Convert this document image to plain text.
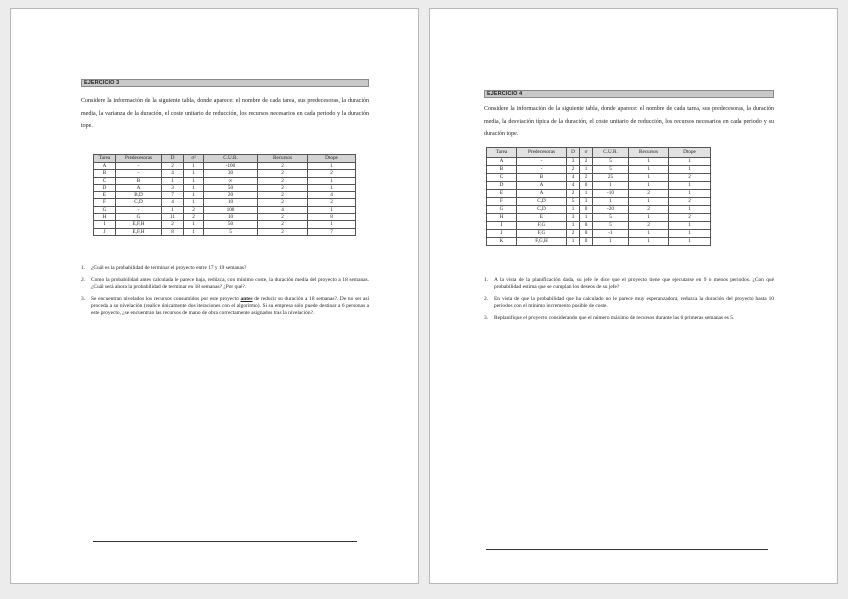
EJERCICIO 3

Considere la información de la siguiente tabla, donde aparece: el nombre de cada tarea, sus predecesoras, la duración media, la varianza de la duración, el coste unitario de reducción, los recursos necesarios en cada periodo y la duración tope.

Tarea	Predecesoras	D	σ²	C.U.R.	Recursos	Dtope
A	-	2	1	-100	2	1
B	-	4	1	30	2	2
C	B	1	1	∞	2	1
D	A	3	1	50	2	1
E	B,D	7	1	20	2	4
F	C,D	4	1	10	2	2
G	-	1	2	100	4	1
H	G	11	2	10	2	8
I	E,F,H	2	1	50	2	1
J	E,F,H	8	1	5	2	7
1. ¿Cuál es la probabilidad de terminar el proyecto entre 17 y 19 semanas?
2. Como la probabilidad antes calculada le parece baja, redúzca, con mínimo coste, la duración media del proyecto a 18 semanas. ¿Cuál será ahora la probabilidad de terminar en 18 semanas? ¿Por qué?.
3. Se encuentran nivelados los recursos consumidos por este proyecto antes de reducir su duración a 18 semanas?. De no ser así proceda a su nivelación (realice únicamente dos iteraciones con el algoritmo). Si su empresa sólo puede destinar a 6 personas a este proyecto, ¿se encuentran las recursos de mano de obra correctamente asignados tras la nivelación?.
EJERCICIO 4

Considere la información de la siguiente tabla, donde aparece: el nombre de cada tarea, sus predecesoras, la duración media, la desviación típica de la duración, el coste unitario de reducción, los recursos necesarios en cada periodo y su duración tope.

Tarea	Predecesoras	D	σ	C.U.R.	Recursos	Dtope
A	-	3	2	5	1	1
B	-	2	1	5	1	1
C	B	4	2	25	1	2
D	A	4	0	1	1	1
E	A	2	1	-10	2	1
F	C,D	5	3	1	1	2
G	C,D	1	0	-20	2	1
H	E	3	1	5	1	2
I	F,G	1	0	5	2	1
J	F,G	2	0	-1	1	1
K	F,G,H	1	0	1	1	1
1. A la vista de la planificación dada, su jefe le dice que el proyecto tiene que ejecutarse en 9 o menos periodos. ¿Con qué probabilidad estima que se cumplan los deseos de su jefe?
2. En vista de que la probabilidad que ha calculado no le parece muy esperanzadora, reduzca la duración del proyecto hasta 10 periodos con el mínimo incremento posible de coste.
3. Replanifique el proyecto considerando que el número máximo de recursos durante las 6 primeras semanas es 5.
